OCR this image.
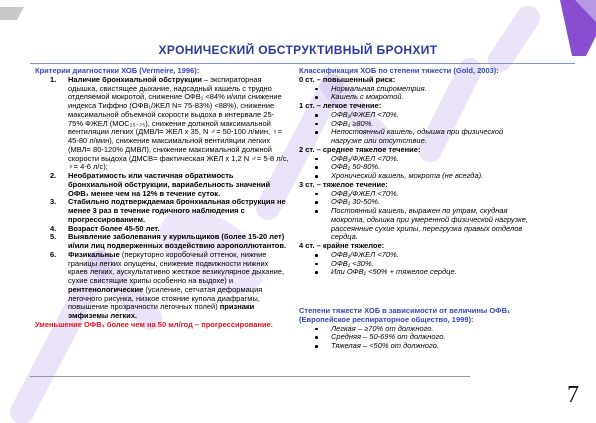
ХРОНИЧЕСКИЙ ОБСТРУКТИВНЫЙ БРОНХИТ
Критерии диагностики ХОБ (Vermeire, 1996):
1. Наличие бронхиальной обструкции – экспираторная одышка, свистящее дыхание, надсадный кашель с трудно отделяемой мокротой, снижение ОФВ₁ <84% и/или снижение индекса Тиффно (ОФВ₁/ЖЕЛ N= 75-83%) <88%), снижение максимальной объемной скорости выдоха в интервале 25-75% ФЖЕЛ (МОС₂₅₋₇₅), снижение должной максимальной вентиляции легких (ДМВЛ= ЖЕЛ х 35, N ♂= 50-100 л/мин, ♀= 45-80 л/мин), снижение максимальной вентиляции легких (МВЛ= 80-120% ДМВЛ), снижение максимальной должной скорости выдоха (ДМСВ= фактическая ЖЕЛ х 1,2 N ♂= 5-8 л/с, ♀= 4-6 л/с);
2. Необратимость или частичная обратимость бронхиальной обструкции, вариабельность значений ОФВ₁ менее чем на 12% в течение суток.
3. Стабильно подтверждаемая бронхиальная обструкция не менее 3 раз в течение годичного наблюдения с прогрессированием.
4. Возраст более 45-50 лет.
5. Выявление заболевания у курильщиков (более 15-20 лет) и/или лиц подверженных воздействию аэрополлютантов.
6. Физикальные (перкуторно коробочный оттенок, нижние границы легких опущены, снижение подвижности нижних краев легких, аускультативно жесткое везикулярное дыхание, сухие свистящие хрипы особенно на выдохе) и рентгенологические (усиление, сетчатая деформация легочного рисунка, низкое стояние купола диафрагмы, повышение прозрачности легочных полей) признаки эмфиземы легких.
Уменьшение ОФВ₁ более чем на 50 мл/год – прогрессирование.
Классификация ХОБ по степени тяжести (Gold, 2003):
0 ст. – повышенный риск:
Нормальная спирометрия.
Кашель с мокротой.
1 ст. – легкое течение:
ОФВ₁/ФЖЕЛ <70%.
ОФВ₁ ≥80%.
Непостоянный кашель, одышка при физической нагрузке или отсутствие.
2 ст. – среднее тяжелое течение:
ОФВ₁/ФЖЕЛ <70%.
ОФВ₁ 50-80%.
Хронический кашель, мокрота (не всегда).
3 ст. – тяжелое течение:
ОФВ₁/ФЖЕЛ <70%.
ОФВ₁ 30-50%.
Постоянный кашель, выражен по утрам, скудная мокрота, одышка при умеренной физической нагрузке, рассеянные сухие хрипы, перегрузка правых отделов сердца.
4 ст. – крайне тяжелое:
ОФВ₁/ФЖЕЛ <70%.
ОФВ₁ <30%.
Или ОФВ₁ <50% + тяжелое сердце.
Степени тяжести ХОБ в зависимости от величины ОФВ₁ (Европейское респираторное общество, 1999):
Легкая – ≥70% от должного.
Средняя – 50-69% от должного.
Тяжелая – <50% от должного.
7
